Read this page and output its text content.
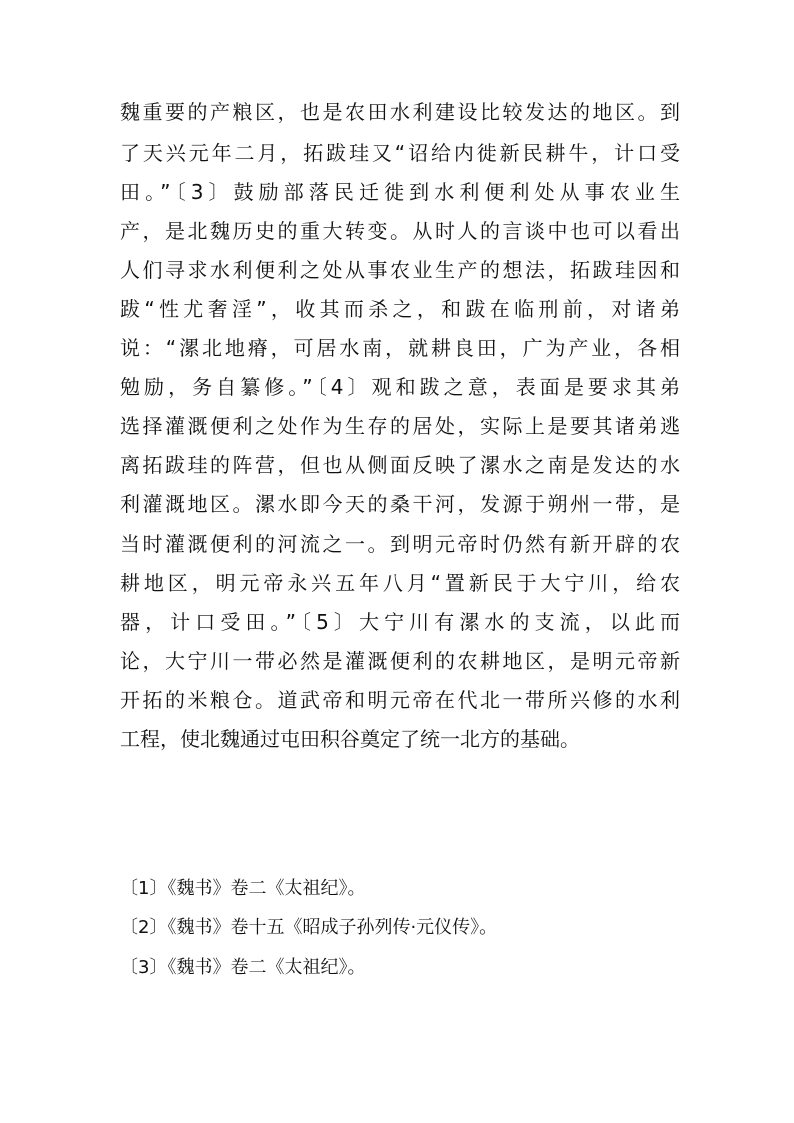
魏重要的产粮区，也是农田水利建设比较发达的地区。到
了天兴元年二月，拓跋珪又“诏给内徙新民耕牛，计口受
田。”〔3〕鼓励部落民迁徙到水利便利处从事农业生
产，是北魏历史的重大转变。从时人的言谈中也可以看出
人们寻求水利便利之处从事农业生产的想法，拓跋珪因和
跋“性尤奢淫”，收其而杀之，和跋在临刑前，对诸弟
说：“漯北地瘠，可居水南，就耕良田，广为产业，各相
勉励，务自纂修。”〔4〕观和跋之意，表面是要求其弟
选择灌溉便利之处作为生存的居处，实际上是要其诸弟逃
离拓跋珪的阵营，但也从侧面反映了漯水之南是发达的水
利灌溉地区。漯水即今天的桑干河，发源于朔州一带，是
当时灌溉便利的河流之一。到明元帝时仍然有新开辟的农
耕地区，明元帝永兴五年八月“置新民于大宁川，给农
器，计口受田。”〔5〕大宁川有漯水的支流，以此而
论，大宁川一带必然是灌溉便利的农耕地区，是明元帝新
开拓的米粮仓。道武帝和明元帝在代北一带所兴修的水利
工程，使北魏通过屯田积谷奠定了统一北方的基础。
〔1〕《魏书》卷二《太祖纪》。
〔2〕《魏书》卷十五《昭成子孙列传·元仪传》。
〔3〕《魏书》卷二《太祖纪》。
